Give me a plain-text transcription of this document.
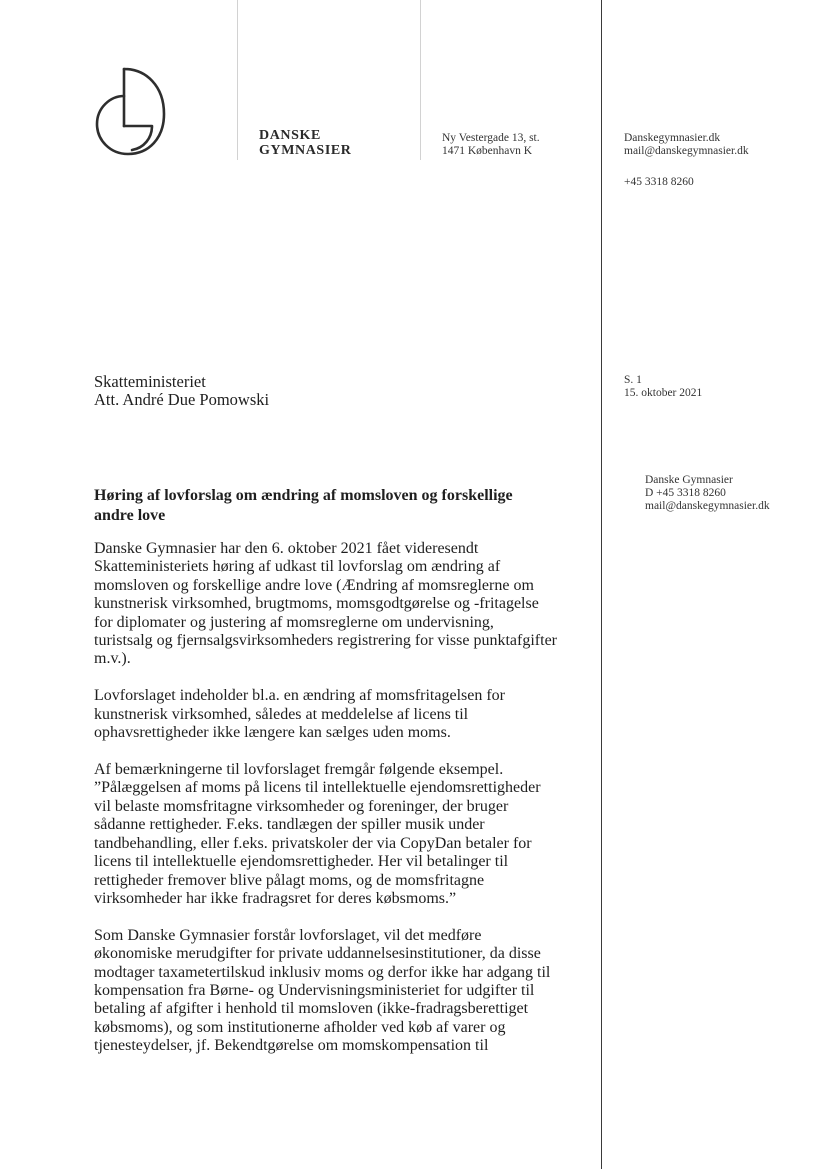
DANSKE
GYMNASIER
Ny Vestergade 13, st.
1471 København K
Danskegymnasier.dk
mail@danskegymnasier.dk
+45 3318 8260
Skatteministeriet
Att. André Due Pomowski
S. 1
15. oktober 2021
Danske Gymnasier
D +45 3318 8260
mail@danskegymnasier.dk
Høring af lovforslag om ændring af momsloven og forskellige
andre love

Danske Gymnasier har den 6. oktober 2021 fået videresendt
Skatteministeriets høring af udkast til lovforslag om ændring af
momsloven og forskellige andre love (Ændring af momsreglerne om
kunstnerisk virksomhed, brugtmoms, momsgodtgørelse og -fritagelse
for diplomater og justering af momsreglerne om undervisning,
turistsalg og fjernsalgsvirksomheders registrering for visse punktafgifter
m.v.).

Lovforslaget indeholder bl.a. en ændring af momsfritagelsen for
kunstnerisk virksomhed, således at meddelelse af licens til
ophavsrettigheder ikke længere kan sælges uden moms.

Af bemærkningerne til lovforslaget fremgår følgende eksempel.
”Pålæggelsen af moms på licens til intellektuelle ejendomsrettigheder
vil belaste momsfritagne virksomheder og foreninger, der bruger
sådanne rettigheder. F.eks. tandlægen der spiller musik under
tandbehandling, eller f.eks. privatskoler der via CopyDan betaler for
licens til intellektuelle ejendomsrettigheder. Her vil betalinger til
rettigheder fremover blive pålagt moms, og de momsfritagne
virksomheder har ikke fradragsret for deres købsmoms.”

Som Danske Gymnasier forstår lovforslaget, vil det medføre
økonomiske merudgifter for private uddannelsesinstitutioner, da disse
modtager taxametertilskud inklusiv moms og derfor ikke har adgang til
kompensation fra Børne- og Undervisningsministeriet for udgifter til
betaling af afgifter i henhold til momsloven (ikke-fradragsberettiget
købsmoms), og som institutionerne afholder ved køb af varer og
tjenesteydelser, jf. Bekendtgørelse om momskompensation til
